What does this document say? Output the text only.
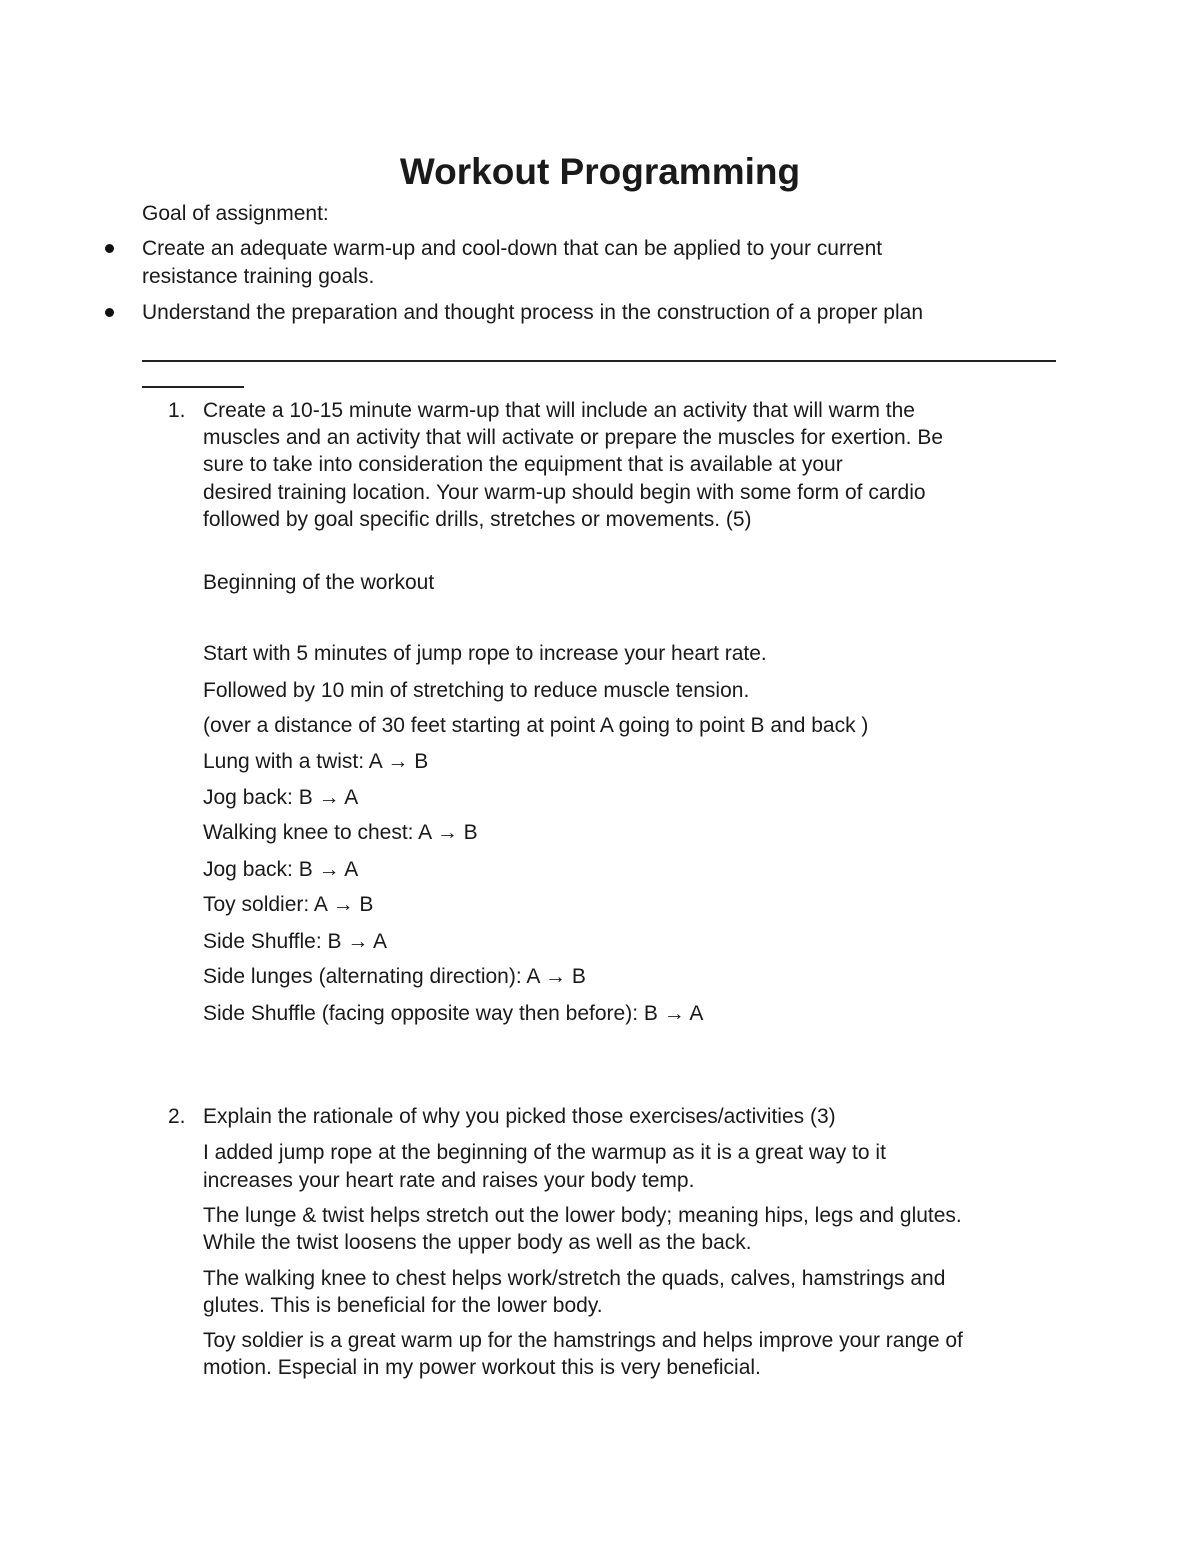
Workout Programming
Goal of assignment:
Create an adequate warm-up and cool-down that can be applied to your current
resistance training goals.
Understand the preparation and thought process in the construction of a proper plan
1. Create a 10-15 minute warm-up that will include an activity that will warm the
muscles and an activity that will activate or prepare the muscles for exertion. Be
sure to take into consideration the equipment that is available at your
desired training location. Your warm-up should begin with some form of cardio
followed by goal specific drills, stretches or movements. (5)
Beginning of the workout
Start with 5 minutes of jump rope to increase your heart rate.
Followed by 10 min of stretching to reduce muscle tension.
(over a distance of 30 feet starting at point A going to point B and back )
Lung with a twist: A → B
Jog back: B → A
Walking knee to chest: A → B
Jog back: B → A
Toy soldier: A → B
Side Shuffle: B → A
Side lunges (alternating direction): A → B
Side Shuffle (facing opposite way then before): B → A
2. Explain the rationale of why you picked those exercises/activities (3)
I added jump rope at the beginning of the warmup as it is a great way to it
increases your heart rate and raises your body temp.
The lunge & twist helps stretch out the lower body; meaning hips, legs and glutes.
While the twist loosens the upper body as well as the back.
The walking knee to chest helps work/stretch the quads, calves, hamstrings and
glutes. This is beneficial for the lower body.
Toy soldier is a great warm up for the hamstrings and helps improve your range of
motion. Especial in my power workout this is very beneficial.
